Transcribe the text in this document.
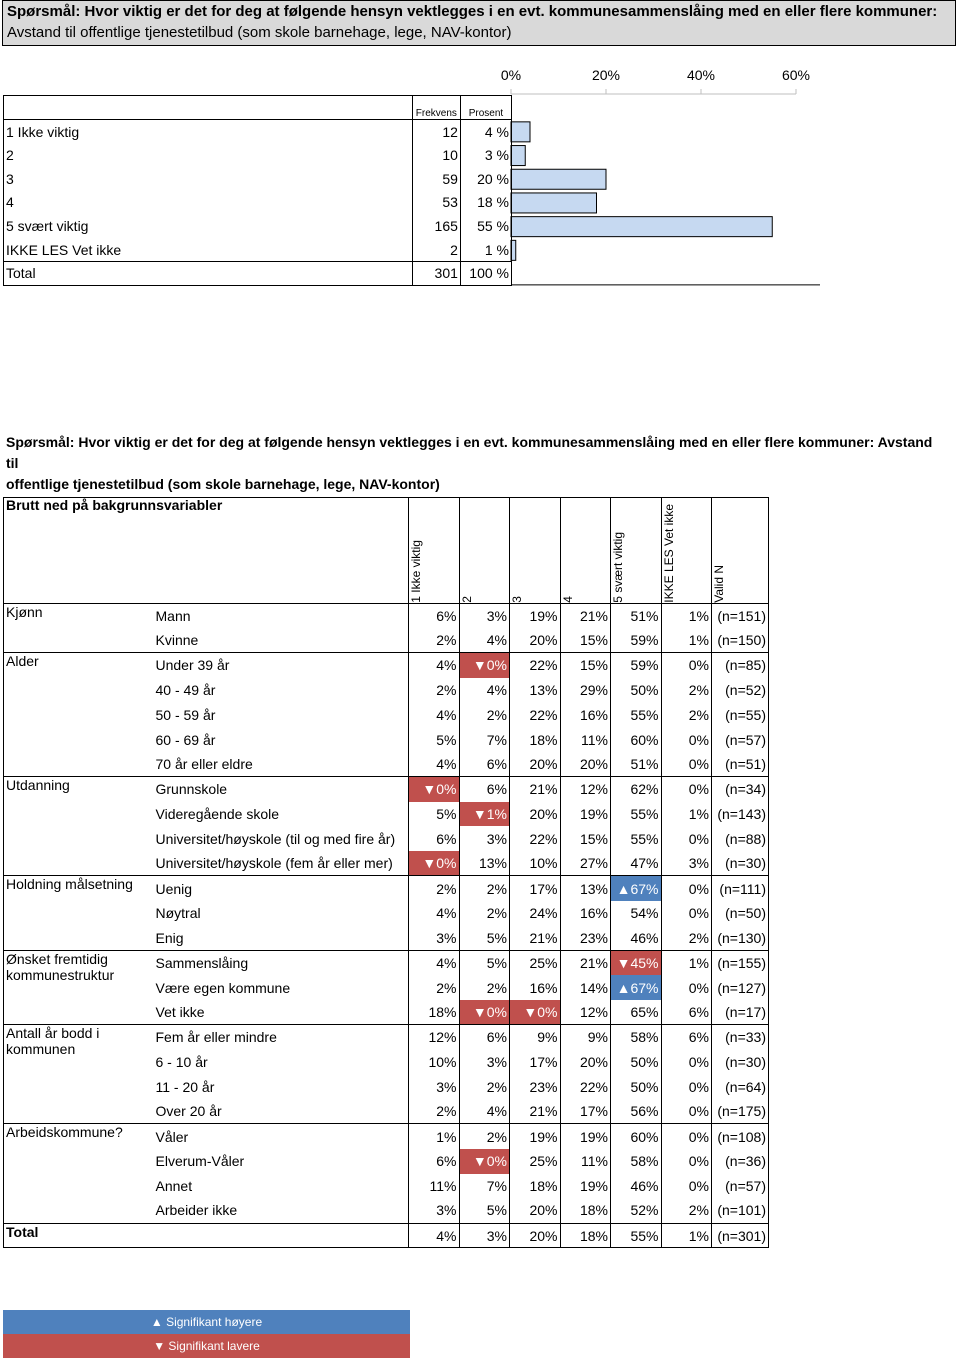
Spørsmål: Hvor viktig er det for deg at følgende hensyn vektlegges i en evt. kommunesammenslåing med en eller flere kommuner:
Avstand til offentlige tjenestetilbud (som skole barnehage, lege, NAV-kontor)
0%	20%	40%	60%
	Frekvens	Prosent
1 Ikke viktig	12	4 %
2	10	3 %
3	59	20 %
4	53	18 %
5 svært viktig	165	55 %
IKKE LES Vet ikke	2	1 %
Total	301	100 %
Spørsmål: Hvor viktig er det for deg at følgende hensyn vektlegges i en evt. kommunesammenslåing med en eller flere kommuner: Avstand til
offentlige tjenestetilbud (som skole barnehage, lege, NAV-kontor)
Brutt ned på bakgrunnsvariabler

		1 Ikke viktig	2	3	4	5 svært viktig	IKKE LES Vet ikke	Valid N

Kjønn	Mann	6%	3%	19%	21%	51%	1%	(n=151)
	Kvinne	2%	4%	20%	15%	59%	1%	(n=150)
Alder	Under 39 år	4%	▼0%	22%	15%	59%	0%	(n=85)
	40 - 49 år	2%	4%	13%	29%	50%	2%	(n=52)
	50 - 59 år	4%	2%	22%	16%	55%	2%	(n=55)
	60 - 69 år	5%	7%	18%	11%	60%	0%	(n=57)
	70 år eller eldre	4%	6%	20%	20%	51%	0%	(n=51)
Utdanning	Grunnskole	▼0%	6%	21%	12%	62%	0%	(n=34)
	Videregående skole	5%	▼1%	20%	19%	55%	1%	(n=143)
	Universitet/høyskole (til og med fire år)	6%	3%	22%	15%	55%	0%	(n=88)
	Universitet/høyskole (fem år eller mer)	▼0%	13%	10%	27%	47%	3%	(n=30)
Holdning målsetning	Uenig	2%	2%	17%	13%	▲67%	0%	(n=111)
	Nøytral	4%	2%	24%	16%	54%	0%	(n=50)
	Enig	3%	5%	21%	23%	46%	2%	(n=130)
Ønsket fremtidig kommunestruktur	Sammenslåing	4%	5%	25%	21%	▼45%	1%	(n=155)
	Være egen kommune	2%	2%	16%	14%	▲67%	0%	(n=127)
	Vet ikke	18%	▼0%	▼0%	12%	65%	6%	(n=17)
Antall år bodd i kommunen	Fem år eller mindre	12%	6%	9%	9%	58%	6%	(n=33)
	6 - 10 år	10%	3%	17%	20%	50%	0%	(n=30)
	11 - 20 år	3%	2%	23%	22%	50%	0%	(n=64)
	Over 20 år	2%	4%	21%	17%	56%	0%	(n=175)
Arbeidskommune?	Våler	1%	2%	19%	19%	60%	0%	(n=108)
	Elverum-Våler	6%	▼0%	25%	11%	58%	0%	(n=36)
	Annet	11%	7%	18%	19%	46%	0%	(n=57)
	Arbeider ikke	3%	5%	20%	18%	52%	2%	(n=101)
Total		4%	3%	20%	18%	55%	1%	(n=301)
▲ Signifikant høyere
▼ Signifikant lavere
